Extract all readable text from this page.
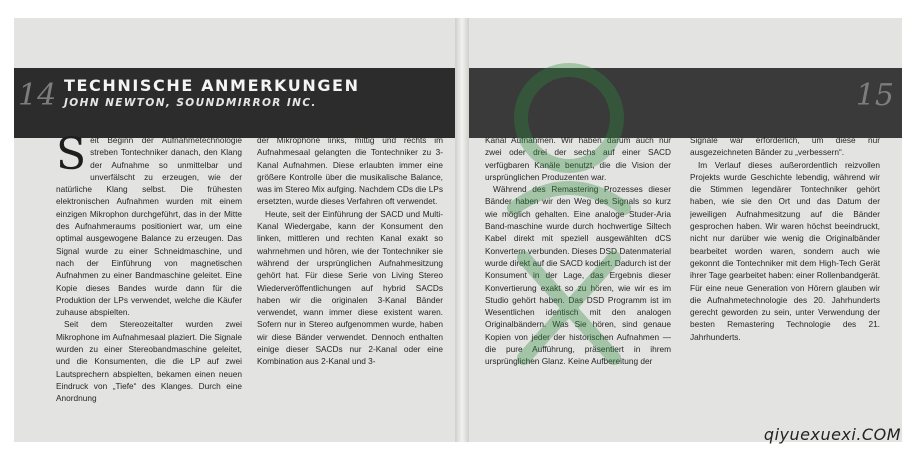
14	15
TECHNISCHE ANMERKUNGEN
JOHN NEWTON, SOUNDMIRROR INC.

Seit Beginn der Aufnahmetechnologie streben Tontechniker danach, den Klang der Aufnahme so unmittelbar und unverfälscht zu erzeugen, wie der natürliche Klang selbst. Die frühesten elektronischen Aufnahmen wurden mit einem einzigen Mikrophon durchgeführt, das in der Mitte des Aufnahmeraums positioniert war, um eine optimal ausgewogene Balance zu erzeugen. Das Signal wurde zu einer Schneidmaschine, und nach der Einführung von magnetischen Aufnahmen zu einer Bandmaschine geleitet. Eine Kopie dieses Bandes wurde dann für die Produktion der LPs verwendet, welche die Käufer zuhause abspielten.

Seit dem Stereozeitalter wurden zwei Mikrophone im Aufnahmesaal plaziert. Die Signale wurden zu einer Stereobandmaschine geleitet, und die Konsumenten, die die LP auf zwei Lautsprechern abspielten, bekamen einen neuen Eindruck von „Tiefe“ des Klanges. Durch eine Anordnung

der Mikrophone links, mittig und rechts im Aufnahmesaal gelangten die Tontechniker zu 3-Kanal Aufnahmen. Diese erlaubten immer eine größere Kontrolle über die musikalische Balance, was im Stereo Mix aufging. Nachdem CDs die LPs ersetzten, wurde dieses Verfahren oft verwendet.

Heute, seit der Einführung der SACD und Multi-Kanal Wiedergabe, kann der Konsument den linken, mittleren und rechten Kanal exakt so wahrnehmen und hören, wie der Tontechniker sie während der ursprünglichen Aufnahmesitzung gehört hat. Für diese Serie von Living Stereo Wiederveröffentlichungen auf hybrid SACDs haben wir die originalen 3-Kanal Bänder verwendet, wann immer diese existent waren. Sofern nur in Stereo aufgenommen wurde, haben wir diese Bänder verwendet. Dennoch enthalten einige dieser SACDs nur 2-Kanal oder eine Kombination aus 2-Kanal und 3-

Kanal Aufnahmen. Wir haben darum auch nur zwei oder drei der sechs auf einer SACD verfügbaren Kanäle benutzt, die die Vision der ursprünglichen Produzenten war.

Während des Remastering Prozesses dieser Bänder haben wir den Weg des Signals so kurz wie möglich gehalten. Eine analoge Studer-Aria Band-maschine wurde durch hochwertige Siltech Kabel direkt mit speziell ausgewählten dCS Konvertern verbunden. Dieses DSD Datenmaterial wurde direkt auf die SACD kodiert. Dadurch ist der Konsument in der Lage, das Ergebnis dieser Konvertierung exakt so zu hören, wie wir es im Studio gehört haben. Das DSD Programm ist im Wesentlichen identisch mit den analogen Originalbändern. Was Sie hören, sind genaue Kopien von jeder der historischen Aufnahmen — die pure Aufführung, präsentiert in ihrem ursprünglichen Glanz. Keine Aufbereitung der

Signale war erforderlich, um diese nur ausgezeichneten Bänder zu „verbessern“.

Im Verlauf dieses außerordentlich reizvollen Projekts wurde Geschichte lebendig, während wir die Stimmen legendärer Tontechniker gehört haben, wie sie den Ort und das Datum der jeweiligen Aufnahmesitzung auf die Bänder gesprochen haben. Wir waren höchst beeindruckt, nicht nur darüber wie wenig die Originalbänder bearbeitet worden waren, sondern auch wie gekonnt die Tontechniker mit dem High-Tech Gerät ihrer Tage gearbeitet haben: einer Rollenbandgerät. Für eine neue Generation von Hörern glauben wir die Aufnahmetechnologie des 20. Jahrhunderts gerecht geworden zu sein, unter Verwendung der besten Remastering Technologie des 21. Jahrhunderts.

qiyuexuexi.COM
